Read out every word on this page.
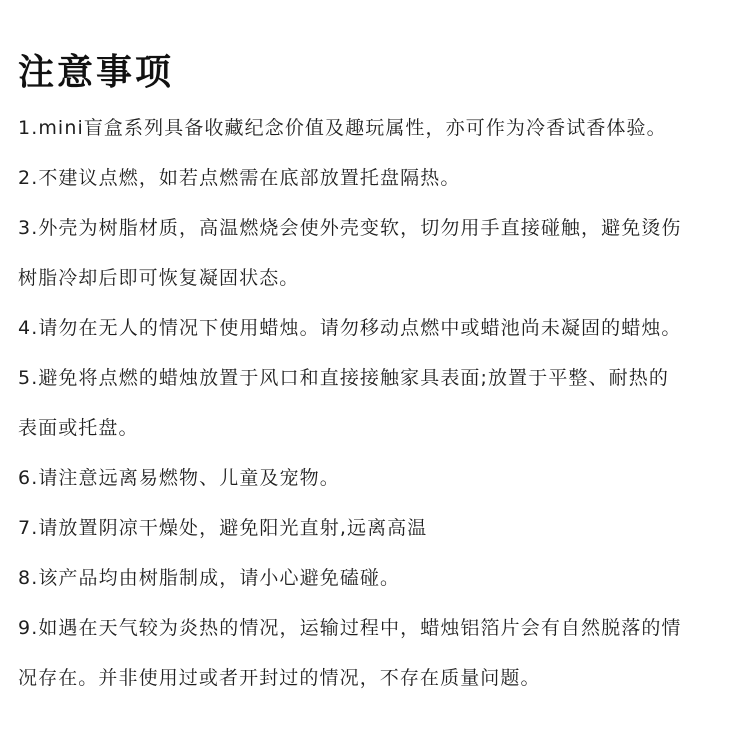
注意事项
1.mini盲盒系列具备收藏纪念价值及趣玩属性，亦可作为冷香试香体验。
2.不建议点燃，如若点燃需在底部放置托盘隔热。
3.外壳为树脂材质，高温燃烧会使外壳变软，切勿用手直接碰触，避免烫伤
树脂冷却后即可恢复凝固状态。
4.请勿在无人的情况下使用蜡烛。请勿移动点燃中或蜡池尚未凝固的蜡烛。
5.避免将点燃的蜡烛放置于风口和直接接触家具表面;放置于平整、耐热的
表面或托盘。
6.请注意远离易燃物、儿童及宠物。
7.请放置阴凉干燥处，避免阳光直射,远离高温
8.该产品均由树脂制成，请小心避免磕碰。
9.如遇在天气较为炎热的情况，运输过程中，蜡烛铝箔片会有自然脱落的情
况存在。并非使用过或者开封过的情况，不存在质量问题。
